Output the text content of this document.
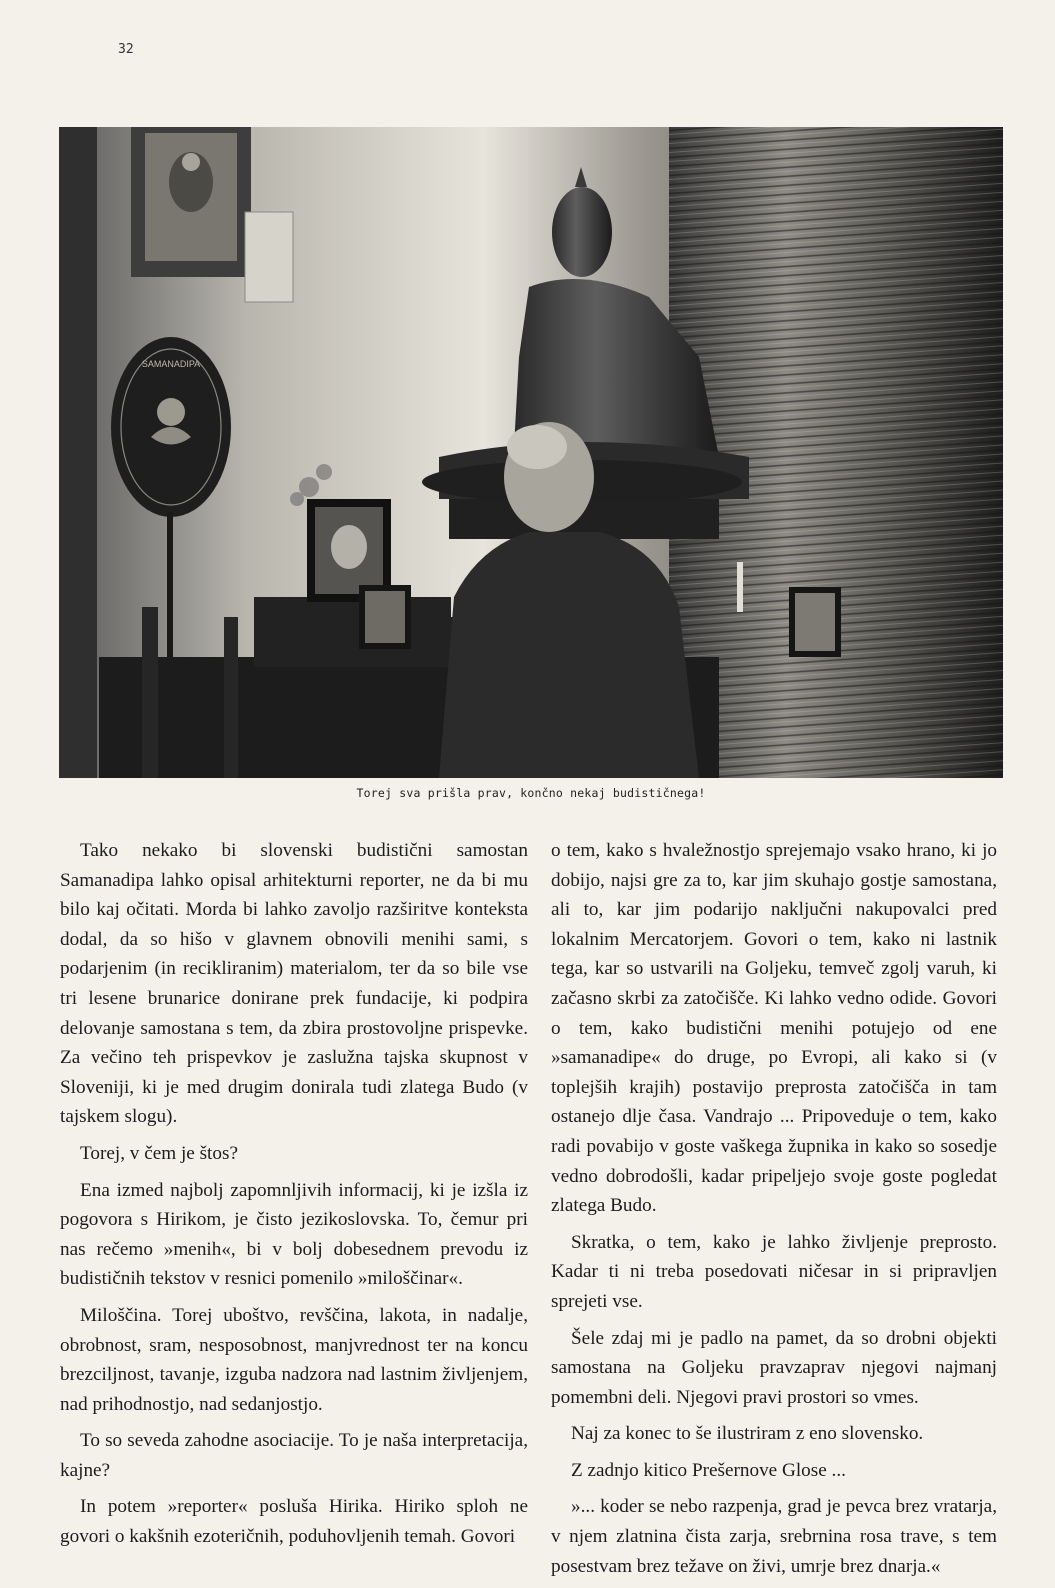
32
SAMANADIPA
Torej sva prišla prav, končno nekaj budističnega!

Tako nekako bi slovenski budistični samostan Samanadipa lahko opisal arhitekturni reporter, ne da bi mu bilo kaj očitati. Morda bi lahko zavoljo razširitve konteksta dodal, da so hišo v glavnem obnovili menihi sami, s podarjenim (in recikliranim) materialom, ter da so bile vse tri lesene brunarice donirane prek fundacije, ki podpira delovanje samostana s tem, da zbira prostovoljne prispevke. Za večino teh prispevkov je zaslužna tajska skupnost v Sloveniji, ki je med drugim donirala tudi zlatega Budo (v tajskem slogu).

Torej, v čem je štos?

Ena izmed najbolj zapomnljivih informacij, ki je izšla iz pogovora s Hirikom, je čisto jezikoslovska. To, čemur pri nas rečemo »menih«, bi v bolj dobesednem prevodu iz budističnih tekstov v resnici pomenilo »miloščinar«.

Miloščina. Torej uboštvo, revščina, lakota, in nadalje, obrobnost, sram, nesposobnost, manjvrednost ter na koncu brezciljnost, tavanje, izguba nadzora nad lastnim življenjem, nad prihodnostjo, nad sedanjostjo.

To so seveda zahodne asociacije. To je naša interpretacija, kajne?

In potem »reporter« posluša Hirika. Hiriko sploh ne govori o kakšnih ezoteričnih, poduhovljenih temah. Govori

o tem, kako s hvaležnostjo sprejemajo vsako hrano, ki jo dobijo, najsi gre za to, kar jim skuhajo gostje samostana, ali to, kar jim podarijo naključni nakupovalci pred lokalnim Mercatorjem. Govori o tem, kako ni lastnik tega, kar so ustvarili na Goljeku, temveč zgolj varuh, ki začasno skrbi za zatočišče. Ki lahko vedno odide. Govori o tem, kako budistični menihi potujejo od ene »samanadipe« do druge, po Evropi, ali kako si (v toplejših krajih) postavijo preprosta zatočišča in tam ostanejo dlje časa. Vandrajo ... Pripoveduje o tem, kako radi povabijo v goste vaškega župnika in kako so sosedje vedno dobrodošli, kadar pripeljejo svoje goste pogledat zlatega Budo.

Skratka, o tem, kako je lahko življenje preprosto. Kadar ti ni treba posedovati ničesar in si pripravljen sprejeti vse.

Šele zdaj mi je padlo na pamet, da so drobni objekti samostana na Goljeku pravzaprav njegovi najmanj pomembni deli. Njegovi pravi prostori so vmes.

Naj za konec to še ilustriram z eno slovensko.

Z zadnjo kitico Prešernove Glose ...

»... koder se nebo razpenja, grad je pevca brez vratarja, v njem zlatnina čista zarja, srebrnina rosa trave, s tem posestvam brez težave on živi, umrje brez dnarja.«
